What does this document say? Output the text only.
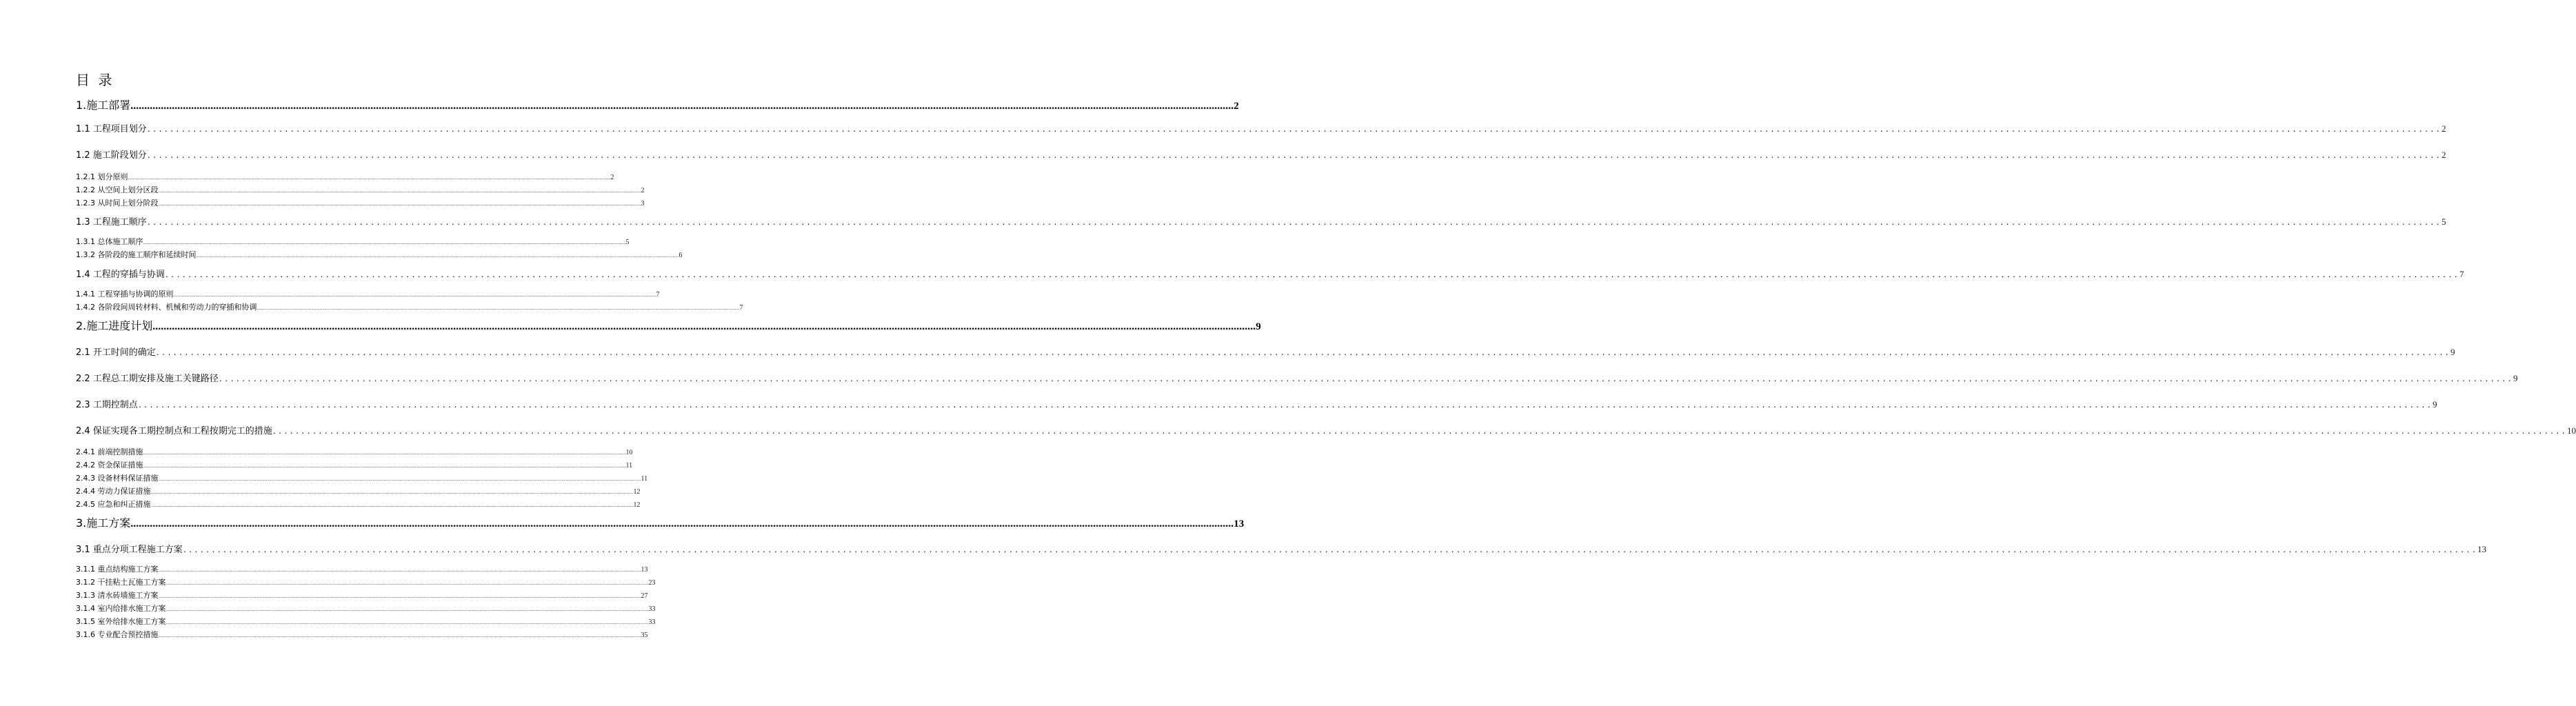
目 录
1.施工部署 ................................................................................................................................................................................................................................................................................................................................................................................................................ 2
1.1 工程项目划分 ................................................................................................................................................................................................................................................................................................................................................................................................................ 2
1.2 施工阶段划分 ................................................................................................................................................................................................................................................................................................................................................................................................................ 2
1.2.1 划分原则 ................................................................................................................................................................................................................................................................................................................................................................................................................ 2
1.2.2 从空间上划分区段 ................................................................................................................................................................................................................................................................................................................................................................................................................ 2
1.2.3 从时间上划分阶段 ................................................................................................................................................................................................................................................................................................................................................................................................................ 3
1.3 工程施工顺序 ................................................................................................................................................................................................................................................................................................................................................................................................................ 5
1.3.1 总体施工顺序 ................................................................................................................................................................................................................................................................................................................................................................................................................ 5
1.3.2 各阶段的施工顺序和延续时间 ................................................................................................................................................................................................................................................................................................................................................................................................................ 6
1.4 工程的穿插与协调 ................................................................................................................................................................................................................................................................................................................................................................................................................ 7
1.4.1 工程穿插与协调的原则 ................................................................................................................................................................................................................................................................................................................................................................................................................ 7
1.4.2 各阶段间周转材料、机械和劳动力的穿插和协调 ................................................................................................................................................................................................................................................................................................................................................................................................................ 7
2.施工进度计划 ................................................................................................................................................................................................................................................................................................................................................................................................................ 9
2.1 开工时间的确定 ................................................................................................................................................................................................................................................................................................................................................................................................................ 9
2.2 工程总工期安排及施工关键路径 ................................................................................................................................................................................................................................................................................................................................................................................................................ 9
2.3 工期控制点 ................................................................................................................................................................................................................................................................................................................................................................................................................ 9
2.4 保证实现各工期控制点和工程按期完工的措施 ................................................................................................................................................................................................................................................................................................................................................................................................................ 10
2.4.1 前端控制措施 ................................................................................................................................................................................................................................................................................................................................................................................................................ 10
2.4.2 资金保证措施 ................................................................................................................................................................................................................................................................................................................................................................................................................ 11
2.4.3 设备材料保证措施 ................................................................................................................................................................................................................................................................................................................................................................................................................ 11
2.4.4 劳动力保证措施 ................................................................................................................................................................................................................................................................................................................................................................................................................ 12
2.4.5 应急和纠正措施 ................................................................................................................................................................................................................................................................................................................................................................................................................ 12
3.施工方案 ................................................................................................................................................................................................................................................................................................................................................................................................................ 13
3.1 重点分项工程施工方案 ................................................................................................................................................................................................................................................................................................................................................................................................................ 13
3.1.1 重点结构施工方案 ................................................................................................................................................................................................................................................................................................................................................................................................................ 13
3.1.2 干挂粘土瓦施工方案 ................................................................................................................................................................................................................................................................................................................................................................................................................ 23
3.1.3 清水砖墙施工方案 ................................................................................................................................................................................................................................................................................................................................................................................................................ 27
3.1.4 室内给排水施工方案 ................................................................................................................................................................................................................................................................................................................................................................................................................ 33
3.1.5 室外给排水施工方案 ................................................................................................................................................................................................................................................................................................................................................................................................................ 33
3.1.6 专业配合预控措施 ................................................................................................................................................................................................................................................................................................................................................................................................................ 35
